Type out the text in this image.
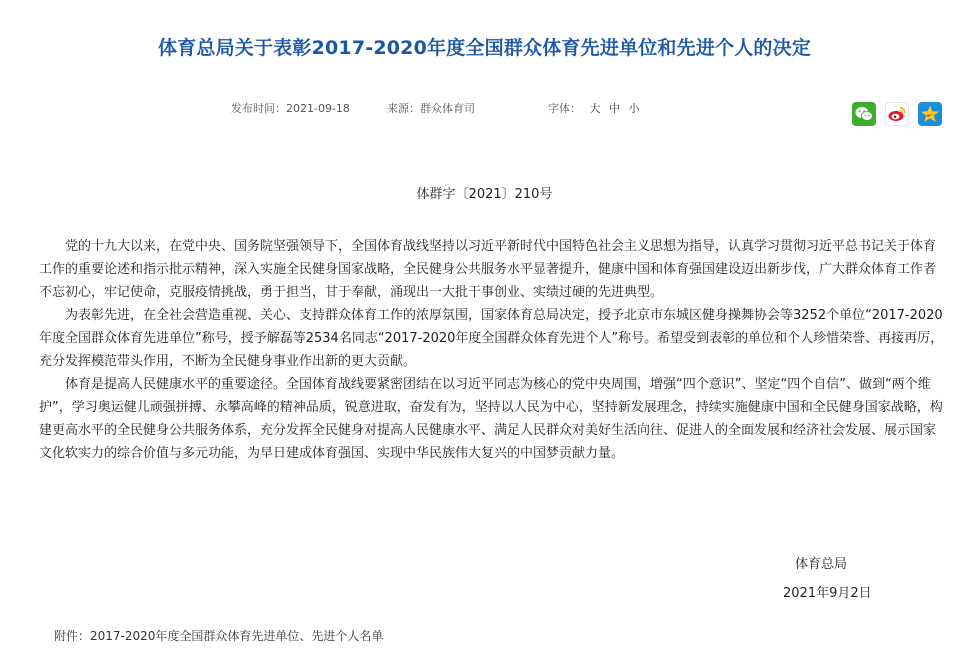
体育总局关于表彰2017-2020年度全国群众体育先进单位和先进个人的决定
发布时间：2021-09-18	来源：群众体育司	字体： 大 中 小
体群字〔2021〕210号

党的十九大以来，在党中央、国务院坚强领导下，全国体育战线坚持以习近平新时代中国特色社会主义思想为指导，认真学习贯彻习近平总书记关于体育工作的重要论述和指示批示精神，深入实施全民健身国家战略，全民健身公共服务水平显著提升，健康中国和体育强国建设迈出新步伐，广大群众体育工作者不忘初心，牢记使命，克服疫情挑战，勇于担当，甘于奉献，涌现出一大批干事创业、实绩过硬的先进典型。

为表彰先进，在全社会营造重视、关心、支持群众体育工作的浓厚氛围，国家体育总局决定，授予北京市东城区健身操舞协会等3252个单位“2017-2020年度全国群众体育先进单位”称号，授予解磊等2534名同志“2017-2020年度全国群众体育先进个人”称号。希望受到表彰的单位和个人珍惜荣誉、再接再厉，充分发挥模范带头作用，不断为全民健身事业作出新的更大贡献。

体育是提高人民健康水平的重要途径。全国体育战线要紧密团结在以习近平同志为核心的党中央周围，增强“四个意识”、坚定“四个自信”、做到“两个维护”，学习奥运健儿顽强拼搏、永攀高峰的精神品质，锐意进取，奋发有为，坚持以人民为中心，坚持新发展理念，持续实施健康中国和全民健身国家战略，构建更高水平的全民健身公共服务体系，充分发挥全民健身对提高人民健康水平、满足人民群众对美好生活向往、促进人的全面发展和经济社会发展、展示国家文化软实力的综合价值与多元功能，为早日建成体育强国、实现中华民族伟大复兴的中国梦贡献力量。

体育总局
2021年9月2日
附件：2017-2020年度全国群众体育先进单位、先进个人名单
